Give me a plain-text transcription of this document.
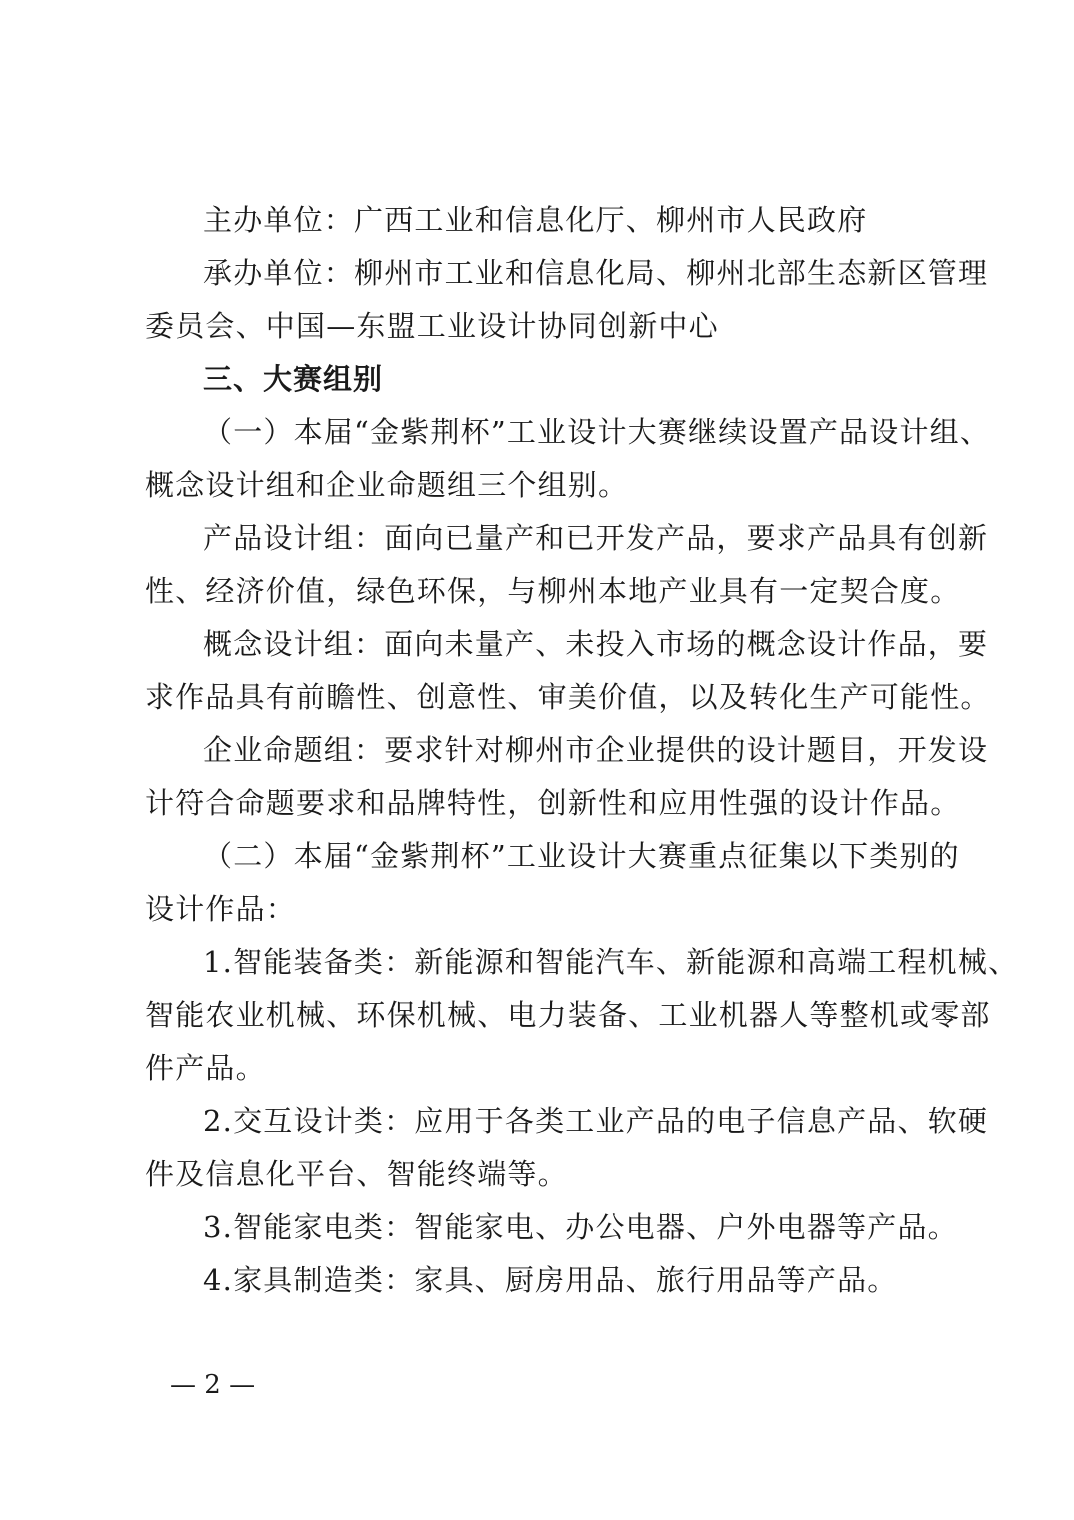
主办单位：广西工业和信息化厅、柳州市人民政府
承办单位：柳州市工业和信息化局、柳州北部生态新区管理
委员会、中国—东盟工业设计协同创新中心
三、大赛组别
（一）本届“金紫荆杯”工业设计大赛继续设置产品设计组、
概念设计组和企业命题组三个组别。
产品设计组：面向已量产和已开发产品，要求产品具有创新
性、经济价值，绿色环保，与柳州本地产业具有一定契合度。
概念设计组：面向未量产、未投入市场的概念设计作品，要
求作品具有前瞻性、创意性、审美价值，以及转化生产可能性。
企业命题组：要求针对柳州市企业提供的设计题目，开发设
计符合命题要求和品牌特性，创新性和应用性强的设计作品。
（二）本届“金紫荆杯”工业设计大赛重点征集以下类别的
设计作品：
1.智能装备类：新能源和智能汽车、新能源和高端工程机械、
智能农业机械、环保机械、电力装备、工业机器人等整机或零部
件产品。
2.交互设计类：应用于各类工业产品的电子信息产品、软硬
件及信息化平台、智能终端等。
3.智能家电类：智能家电、办公电器、户外电器等产品。
4.家具制造类：家具、厨房用品、旅行用品等产品。
— 2 —
